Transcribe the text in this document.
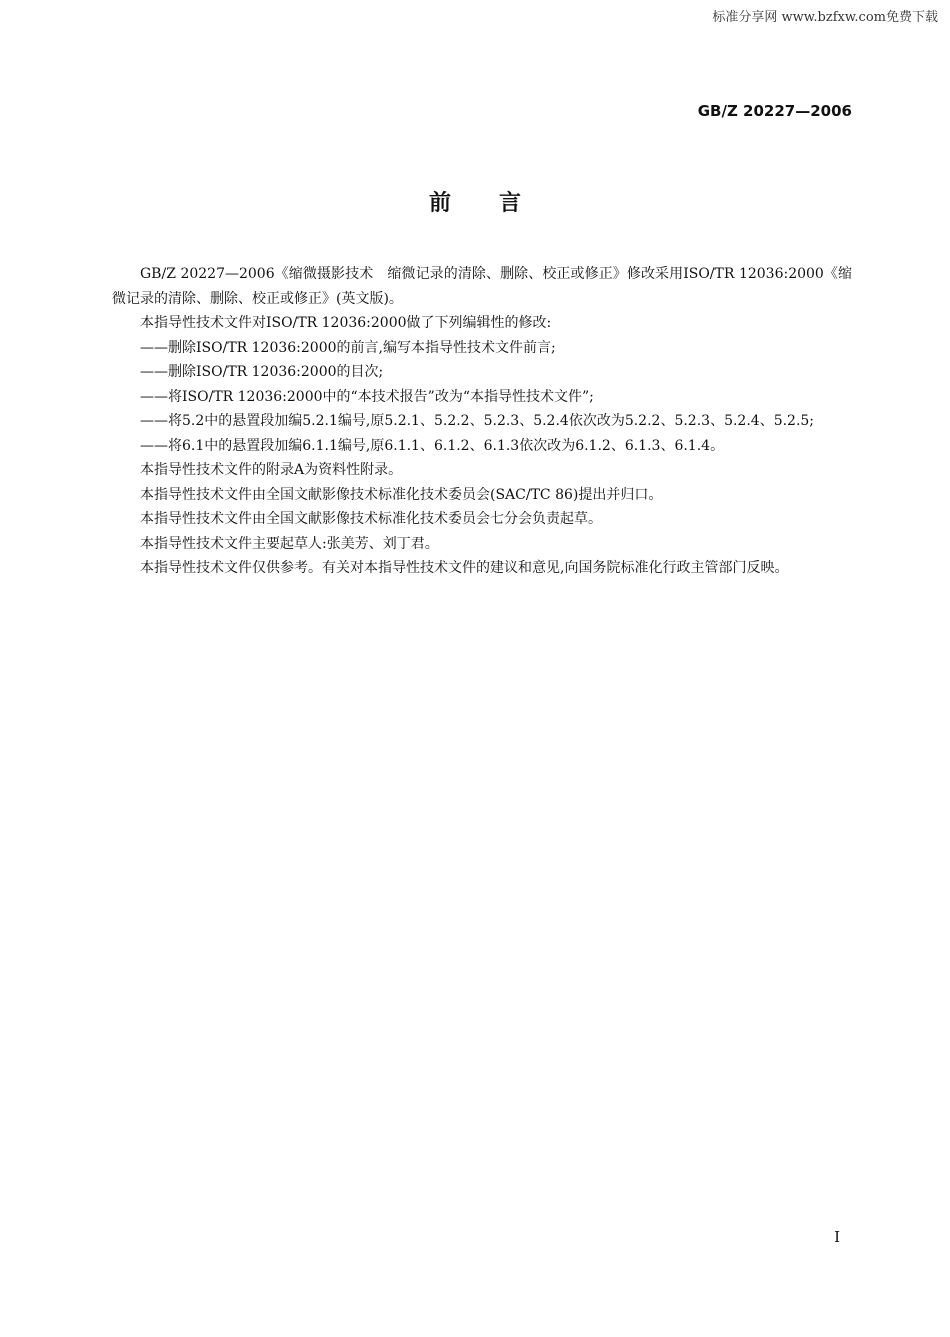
标准分享网 www.bzfxw.com免费下载
GB/Z 20227—2006
前言

GB/Z 20227—2006《缩微摄影技术　缩微记录的清除、删除、校正或修正》修改采用ISO/TR 12036:2000《缩微记录的清除、删除、校正或修正》(英文版)。

本指导性技术文件对ISO/TR 12036:2000做了下列编辑性的修改:

——删除ISO/TR 12036:2000的前言,编写本指导性技术文件前言;

——删除ISO/TR 12036:2000的目次;

——将ISO/TR 12036:2000中的“本技术报告”改为“本指导性技术文件”;

——将5.2中的悬置段加编5.2.1编号,原5.2.1、5.2.2、5.2.3、5.2.4依次改为5.2.2、5.2.3、5.2.4、5.2.5;

——将6.1中的悬置段加编6.1.1编号,原6.1.1、6.1.2、6.1.3依次改为6.1.2、6.1.3、6.1.4。

本指导性技术文件的附录A为资料性附录。

本指导性技术文件由全国文献影像技术标准化技术委员会(SAC/TC 86)提出并归口。

本指导性技术文件由全国文献影像技术标准化技术委员会七分会负责起草。

本指导性技术文件主要起草人:张美芳、刘丁君。

本指导性技术文件仅供参考。有关对本指导性技术文件的建议和意见,向国务院标准化行政主管部门反映。

I
